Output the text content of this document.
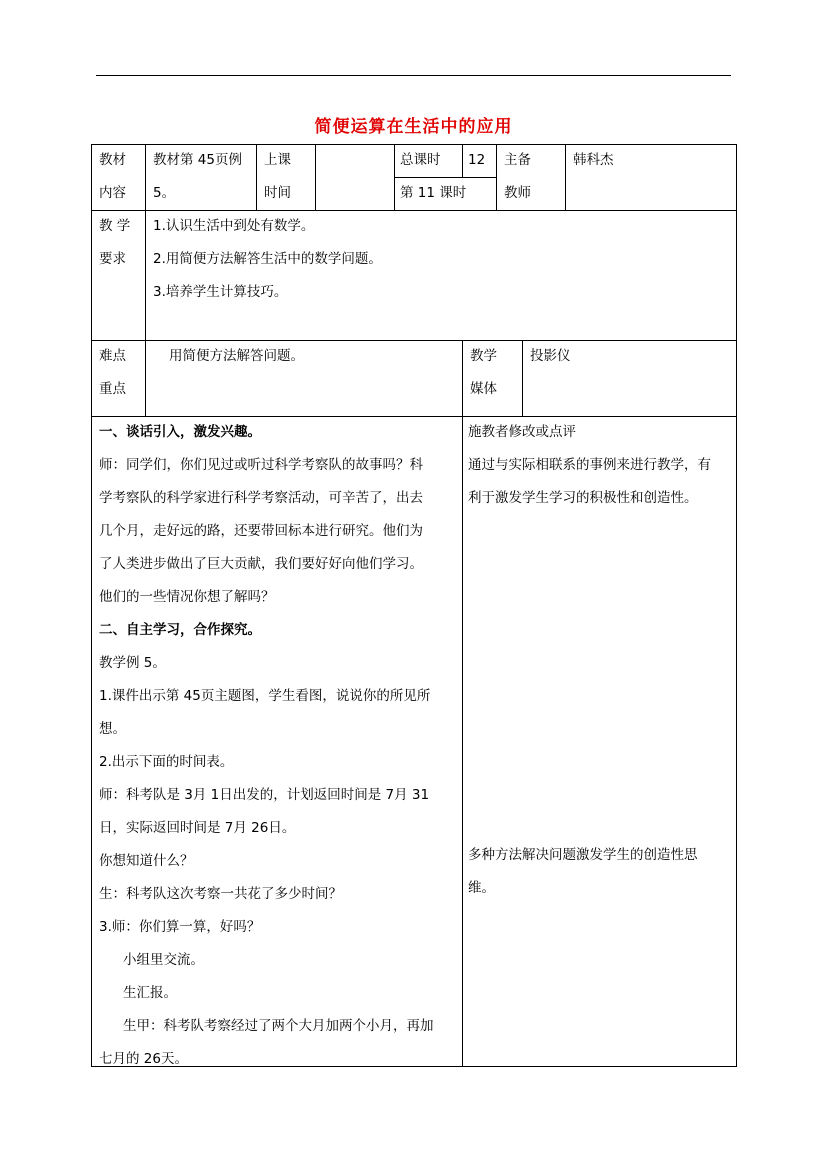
简便运算在生活中的应用
教材
内容
教材第 45页例
5。
上课
时间
总课时	12
第 11 课时
主备
教师
韩科杰
教 学
要求
1.认识生活中到处有数学。
2.用简便方法解答生活中的数学问题。
3.培养学生计算技巧。
难点
重点
用简便方法解答问题。	教学
媒体
投影仪
一、谈话引入，激发兴趣。
师：同学们，你们见过或听过科学考察队的故事吗？科
学考察队的科学家进行科学考察活动，可辛苦了，出去
几个月，走好远的路，还要带回标本进行研究。他们为
了人类进步做出了巨大贡献，我们要好好向他们学习。
他们的一些情况你想了解吗？
二、自主学习，合作探究。
教学例 5。
1.课件出示第 45页主题图，学生看图，说说你的所见所
想。
2.出示下面的时间表。
师：科考队是 3月 1日出发的，计划返回时间是 7月 31
日，实际返回时间是 7月 26日。
你想知道什么？
生：科考队这次考察一共花了多少时间？
3.师：你们算一算，好吗？
小组里交流。
生汇报。
生甲：科考队考察经过了两个大月加两个小月，再加
七月的 26天。
施教者修改或点评
通过与实际相联系的事例来进行教学，有
利于激发学生学习的积极性和创造性。
多种方法解决问题激发学生的创造性思
维。
